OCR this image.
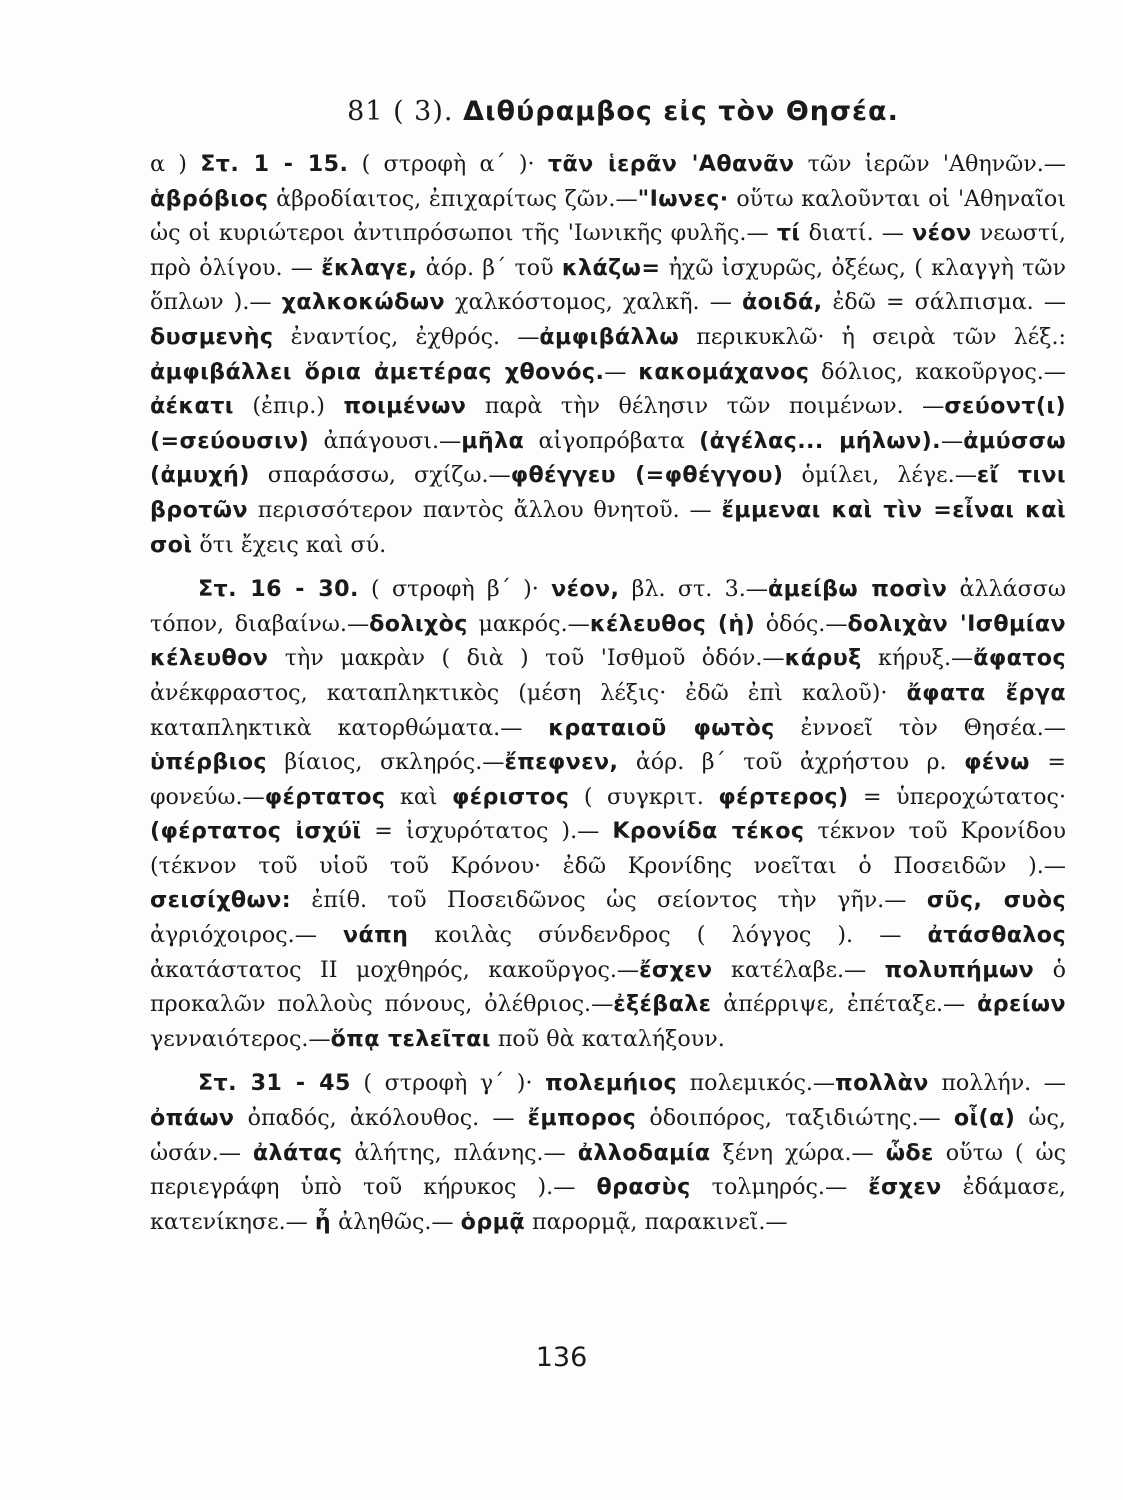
81 ( 3). Διθύραμβος εἰς τὸν Θησέα.

α ) Στ. 1 - 15. ( στροφὴ α΄ )· τᾶν ἱερᾶν 'Αθανᾶν τῶν ἱερῶν 'Αθηνῶν.—ἁβρόβιος ἁβροδίαιτος, ἐπιχαρίτως ζῶν.—"Ιωνες· οὕτω καλοῦνται οἱ 'Αθηναῖοι ὡς οἱ κυριώτεροι ἀντιπρόσωποι τῆς 'Ιωνικῆς φυλῆς.— τί διατί. — νέον νεωστί, πρὸ ὀλίγου. — ἔκλαγε, ἀόρ. β΄ τοῦ κλάζω= ἠχῶ ἰσχυρῶς, ὀξέως, ( κλαγγὴ τῶν ὅπλων ).— χαλκοκώδων χαλκόστομος, χαλκῆ. — ἀοιδά, ἐδῶ = σάλπισμα. — δυσμενὴς ἐναντίος, ἐχθρός. —ἀμφιβάλλω περικυκλῶ· ἡ σειρὰ τῶν λέξ.: ἀμφιβάλλει ὅρια ἀμετέρας χθονός.— κακομάχανος δόλιος, κακοῦργος.—ἀέκατι (ἐπιρ.) ποιμένων παρὰ τὴν θέλησιν τῶν ποιμένων. —σεύοντ(ι) (=σεύουσιν) ἀπάγουσι.—μῆλα αἰγοπρόβατα (ἀγέλας... μήλων).—ἀμύσσω (ἀμυχή) σπαράσσω, σχίζω.—φθέγγευ (=φθέγγου) ὁμίλει, λέγε.—εἴ τινι βροτῶν περισσότερον παντὸς ἄλλου θνητοῦ. — ἔμμεναι καὶ τὶν =εἶναι καὶ σοὶ ὅτι ἔχεις καὶ σύ.

Στ. 16 - 30. ( στροφὴ β΄ )· νέον, βλ. στ. 3.—ἀμείβω ποσὶν ἀλλάσσω τόπον, διαβαίνω.—δολιχὸς μακρός.—κέλευθος (ἡ) ὁδός.—δολιχὰν 'Ισθμίαν κέλευθον τὴν μακρὰν ( διὰ ) τοῦ 'Ισθμοῦ ὁδόν.—κάρυξ κήρυξ.—ἄφατος ἀνέκφραστος, καταπληκτικὸς (μέση λέξις· ἐδῶ ἐπὶ καλοῦ)· ἄφατα ἔργα καταπληκτικὰ κατορθώματα.— κραταιοῦ φωτὸς ἐννοεῖ τὸν Θησέα.—ὑπέρβιος βίαιος, σκληρός.—ἔπεφνεν, ἀόρ. β΄ τοῦ ἀχρήστου ρ. φένω = φονεύω.—φέρτατος καὶ φέριστος ( συγκριτ. φέρτερος) = ὑπεροχώτατος· (φέρτατος ἰσχύϊ = ἰσχυρότατος ).— Κρονίδα τέκος τέκνον τοῦ Κρονίδου (τέκνον τοῦ υἱοῦ τοῦ Κρόνου· ἐδῶ Κρονίδης νοεῖται ὁ Ποσειδῶν ).— σεισίχθων: ἐπίθ. τοῦ Ποσειδῶνος ὡς σείοντος τὴν γῆν.— σῦς, συὸς ἀγριόχοιρος.— νάπη κοιλὰς σύνδενδρος ( λόγγος ). — ἀτάσθαλος ἀκατάστατος ΙΙ μοχθηρός, κακοῦργος.—ἔσχεν κατέλαβε.— πολυπήμων ὁ προκαλῶν πολλοὺς πόνους, ὀλέθριος.—ἐξέβαλε ἀπέρριψε, ἐπέταξε.— ἀρείων γενναιότερος.—ὅπᾳ τελεῖται ποῦ θὰ καταλήξουν.

Στ. 31 - 45 ( στροφὴ γ΄ )· πολεμήιος πολεμικός.—πολλὰν πολλήν. — ὀπάων ὀπαδός, ἀκόλουθος. — ἔμπορος ὁδοιπόρος, ταξιδιώτης.— οἷ(α) ὡς, ὡσάν.— ἀλάτας ἀλήτης, πλάνης.— ἀλλοδαμία ξένη χώρα.— ὧδε οὕτω ( ὡς περιεγράφη ὑπὸ τοῦ κήρυκος ).— θρασὺς τολμηρός.— ἔσχεν ἐδάμασε, κατενίκησε.— ἦ ἀληθῶς.— ὁρμᾷ παρορμᾷ, παρακινεῖ.—

136
